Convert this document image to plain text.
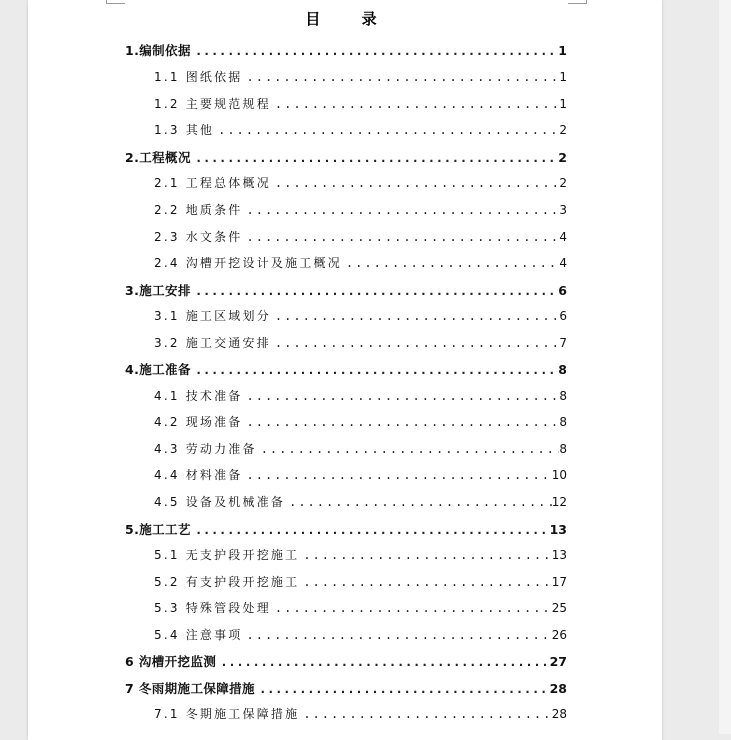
目 录
1.编制依据 .....	1
1.1 图纸依据 .....	1
1.2 主要规范规程 .....	1
1.3 其他 .....	2
2.工程概况 .....	2
2.1 工程总体概况 .....	2
2.2 地质条件 .....	3
2.3 水文条件 .....	4
2.4 沟槽开挖设计及施工概况 .....	4
3.施工安排 .....	6
3.1 施工区域划分 .....	6
3.2 施工交通安排 .....	7
4.施工准备 .....	8
4.1 技术准备 .....	8
4.2 现场准备 .....	8
4.3 劳动力准备 .....	8
4.4 材料准备 .....	10
4.5 设备及机械准备 .....	12
5.施工工艺 .....	13
5.1 无支护段开挖施工 .....	13
5.2 有支护段开挖施工 .....	17
5.3 特殊管段处理 .....	25
5.4 注意事项 .....	26
6 沟槽开挖监测 .....	27
7 冬雨期施工保障措施 .....	28
7.1 冬期施工保障措施 .....	28
